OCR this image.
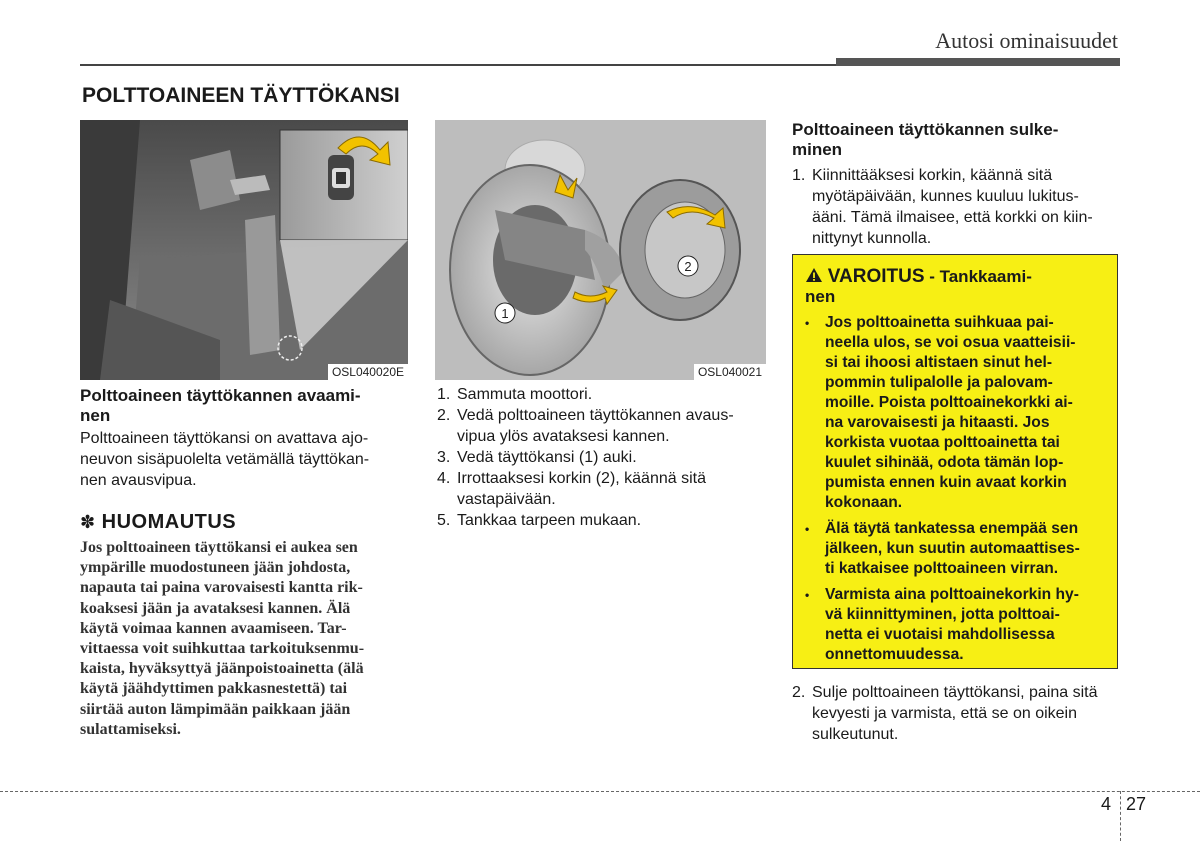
Autosi ominaisuudet
POLTTOAINEEN TÄYTTÖKANSI
OSL040020E
1
2
OSL040021
Polttoaineen täyttökannen avaami-
nen
Polttoaineen täyttökansi on avattava ajo-
neuvon sisäpuolelta vetämällä täyttökan-
nen avausvipua.
✽ HUOMAUTUS
Jos polttoaineen täyttökansi ei aukea sen
ympärille muodostuneen jään johdosta,
napauta tai paina varovaisesti kantta rik-
koaksesi jään ja avataksesi kannen. Älä
käytä voimaa kannen avaamiseen. Tar-
vittaessa voit suihkuttaa tarkoituksenmu-
kaista, hyväksyttyä jäänpoistoainetta (älä
käytä jäähdyttimen pakkasnestettä) tai
siirtää auton lämpimään paikkaan jään
sulattamiseksi.
1. Sammuta moottori.
2. Vedä polttoaineen täyttökannen avaus-
vipua ylös avataksesi kannen.
3. Vedä täyttökansi (1) auki.
4. Irrottaaksesi korkin (2), käännä sitä
vastapäivään.
5. Tankkaa tarpeen mukaan.
Polttoaineen täyttökannen sulke-
minen
1. Kiinnittääksesi korkin, käännä sitä
myötäpäivään, kunnes kuuluu lukitus-
ääni. Tämä ilmaisee, että korkki on kiin-
nittynyt kunnolla.
VAROITUS - Tankkaami-
nen
•	Jos polttoainetta suihkuaa pai-
neella ulos, se voi osua vaatteisii-
si tai ihoosi altistaen sinut hel-
pommin tulipalolle ja palovam-
moille. Poista polttoainekorkki ai-
na varovaisesti ja hitaasti. Jos
korkista vuotaa polttoainetta tai
kuulet sihinää, odota tämän lop-
pumista ennen kuin avaat korkin
kokonaan.
•	Älä täytä tankatessa enempää sen
jälkeen, kun suutin automaattises-
ti katkaisee polttoaineen virran.
•	Varmista aina polttoainekorkin hy-
vä kiinnittyminen, jotta polttoai-
netta ei vuotaisi mahdollisessa
onnettomuudessa.
2. Sulje polttoaineen täyttökansi, paina sitä
kevyesti ja varmista, että se on oikein
sulkeutunut.
4 27
